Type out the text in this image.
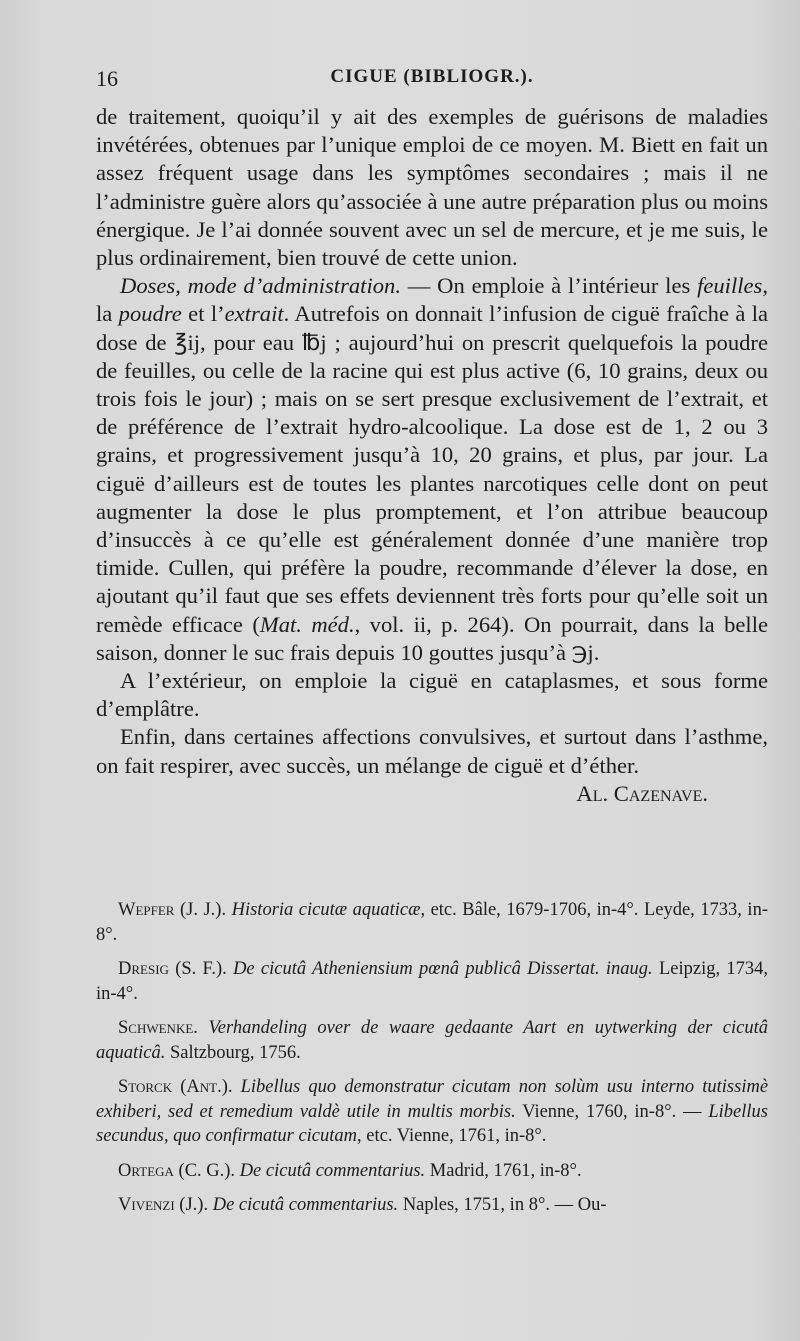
16	CIGUE (BIBLIOGR.).

de traitement, quoiqu’il y ait des exemples de guérisons de maladies invétérées, obtenues par l’unique emploi de ce moyen. M. Biett en fait un assez fréquent usage dans les symptômes secondaires ; mais il ne l’administre guère alors qu’associée à une autre préparation plus ou moins énergique. Je l’ai donnée souvent avec un sel de mercure, et je me suis, le plus ordinairement, bien trouvé de cette union.

Doses, mode d’administration. — On emploie à l’intérieur les feuilles, la poudre et l’extrait. Autrefois on donnait l’infusion de ciguë fraîche à la dose de ℥ij, pour eau ℔j ; aujourd’hui on prescrit quelquefois la poudre de feuilles, ou celle de la racine qui est plus active (6, 10 grains, deux ou trois fois le jour) ; mais on se sert presque exclusivement de l’extrait, et de préférence de l’extrait hydro-alcoolique. La dose est de 1, 2 ou 3 grains, et progressivement jusqu’à 10, 20 grains, et plus, par jour. La ciguë d’ailleurs est de toutes les plantes narcotiques celle dont on peut augmenter la dose le plus promptement, et l’on attribue beaucoup d’insuccès à ce qu’elle est généralement donnée d’une manière trop timide. Cullen, qui préfère la poudre, recommande d’élever la dose, en ajoutant qu’il faut que ses effets deviennent très forts pour qu’elle soit un remède efficace (Mat. méd., vol. ii, p. 264). On pourrait, dans la belle saison, donner le suc frais depuis 10 gouttes jusqu’à ℈j.

A l’extérieur, on emploie la ciguë en cataplasmes, et sous forme d’emplâtre.

Enfin, dans certaines affections convulsives, et surtout dans l’asthme, on fait respirer, avec succès, un mélange de ciguë et d’éther.

Al. Cazenave.

Wepfer (J. J.). Historia cicutæ aquaticæ, etc. Bâle, 1679-1706, in-4°. Leyde, 1733, in-8°.

Dresig (S. F.). De cicutâ Atheniensium pœnâ publicâ Dissertat. inaug. Leipzig, 1734, in-4°.

Schwenke. Verhandeling over de waare gedaante Aart en uytwerking der cicutâ aquaticâ. Saltzbourg, 1756.

Storck (Ant.). Libellus quo demonstratur cicutam non solùm usu interno tutissimè exhiberi, sed et remedium valdè utile in multis morbis. Vienne, 1760, in-8°. — Libellus secundus, quo confirmatur cicutam, etc. Vienne, 1761, in-8°.

Ortega (C. G.). De cicutâ commentarius. Madrid, 1761, in-8°.

Vivenzi (J.). De cicutâ commentarius. Naples, 1751, in 8°. — Ou-
